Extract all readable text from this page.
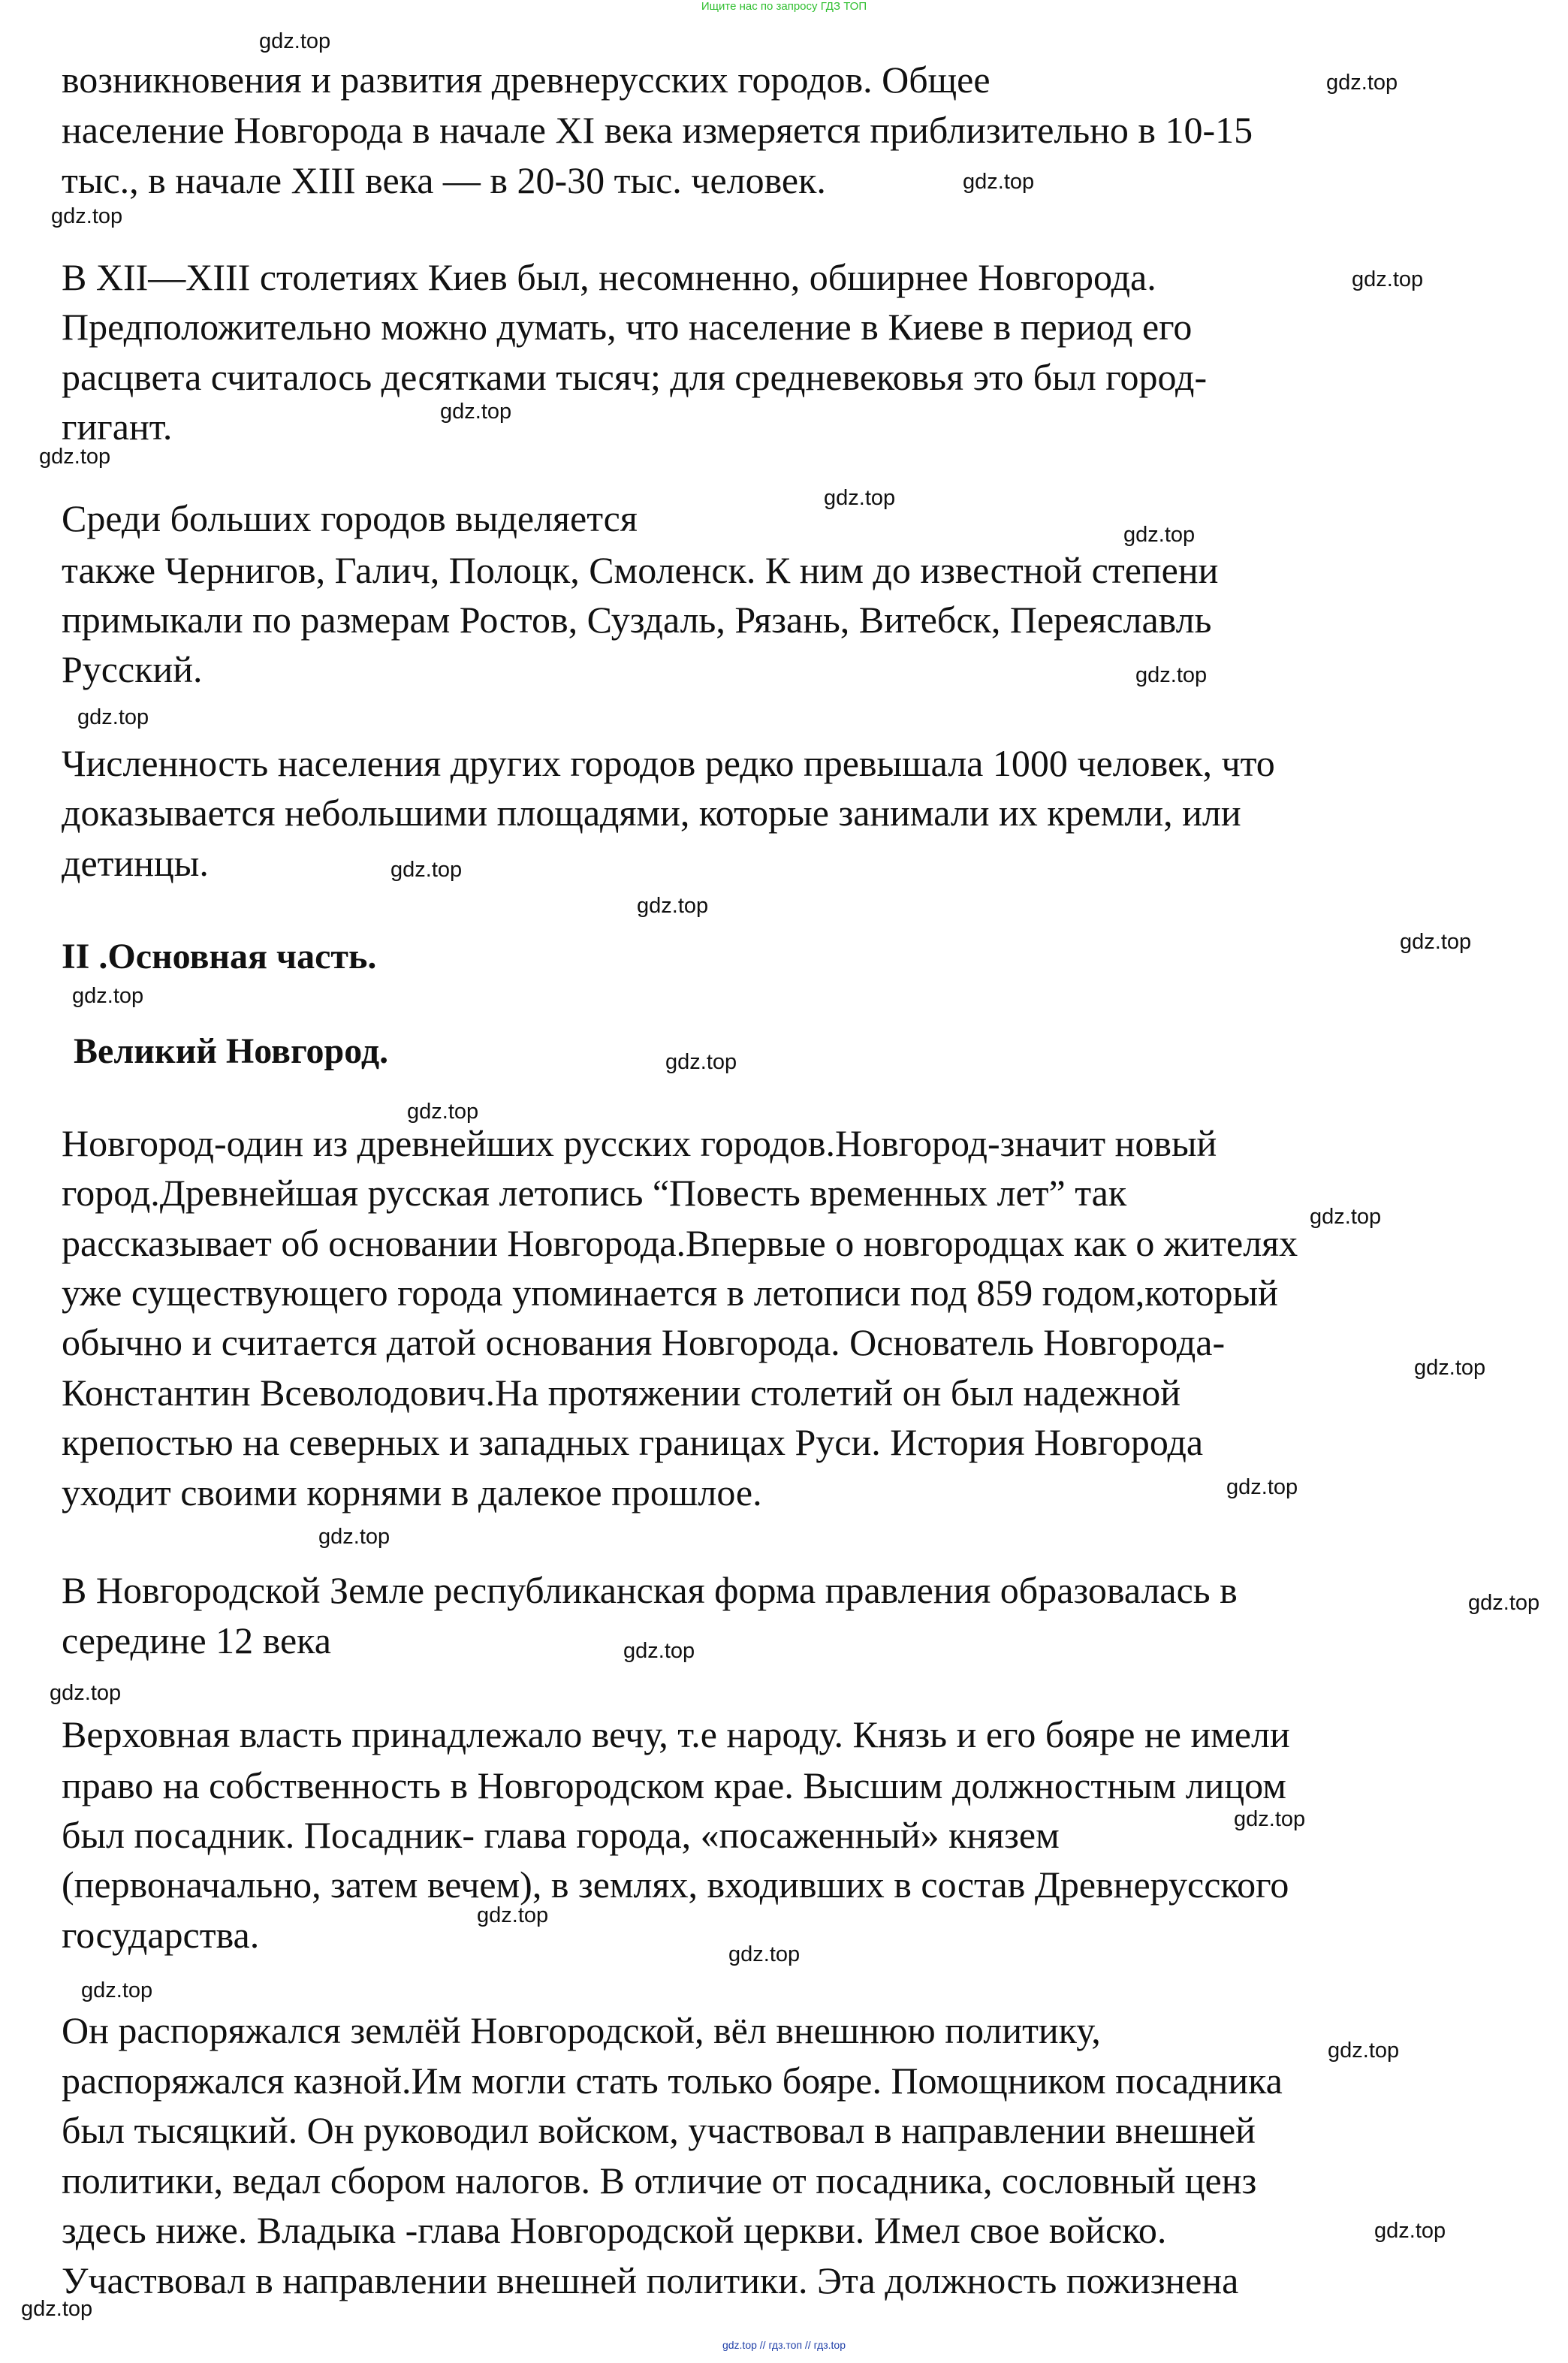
Ищите нас по запросу ГДЗ ТОП
возникновения и развития древнерусских городов. Общее
население Новгорода в начале XI века измеряется приблизительно в 10-15
тыс., в начале XIII века — в 20-30 тыс. человек.
В XII—XIII столетиях Киев был, несомненно, обширнее Новгорода.
Предположительно можно думать, что население в Киеве в период его
расцвета считалось десятками тысяч; для средневековья это был город-
гигант.
Среди больших городов выделяется
также Чернигов, Галич, Полоцк, Смоленск. К ним до известной степени
примыкали по размерам Ростов, Суздаль, Рязань, Витебск, Переяславль
Русский.
Численность населения других городов редко превышала 1000 человек, что
доказывается небольшими площадями, которые занимали их кремли, или
детинцы.
II .Основная часть.
Великий Новгород.
Новгород-один из древнейших русских городов.Новгород-значит новый
город.Древнейшая русская летопись “Повесть временных лет” так
рассказывает об основании Новгорода.Впервые о новгородцах как о жителях
уже существующего города упоминается в летописи под 859 годом,который
обычно и считается датой основания Новгорода. Основатель Новгорода-
Константин Всеволодович.На протяжении столетий он был надежной
крепостью на северных и западных границах Руси. История Новгорода
уходит своими корнями в далекое прошлое.
В Новгородской Земле республиканская форма правления образовалась в
середине 12 века
Верховная власть принадлежало вечу, т.е народу. Князь и его бояре не имели
право на собственность в Новгородском крае. Высшим должностным лицом
был посадник. Посадник- глава города, «посаженный» князем
(первоначально, затем вечем), в землях, входивших в состав Древнерусского
государства.
Он распоряжался землёй Новгородской, вёл внешнюю политику,
распоряжался казной.Им могли стать только бояре. Помощником посадника
был тысяцкий. Он руководил войском, участвовал в направлении внешней
политики, ведал сбором налогов. В отличие от посадника, сословный ценз
здесь ниже. Владыка -глава Новгородской церкви. Имел свое войско.
Участвовал в направлении внешней политики. Эта должность пожизнена
gdz.top
gdz.top
gdz.top
gdz.top
gdz.top
gdz.top
gdz.top
gdz.top
gdz.top
gdz.top
gdz.top
gdz.top
gdz.top
gdz.top
gdz.top
gdz.top
gdz.top
gdz.top
gdz.top
gdz.top
gdz.top
gdz.top
gdz.top
gdz.top
gdz.top
gdz.top
gdz.top
gdz.top
gdz.top
gdz.top
gdz.top
gdz.top // гдз.топ // гдз.top
